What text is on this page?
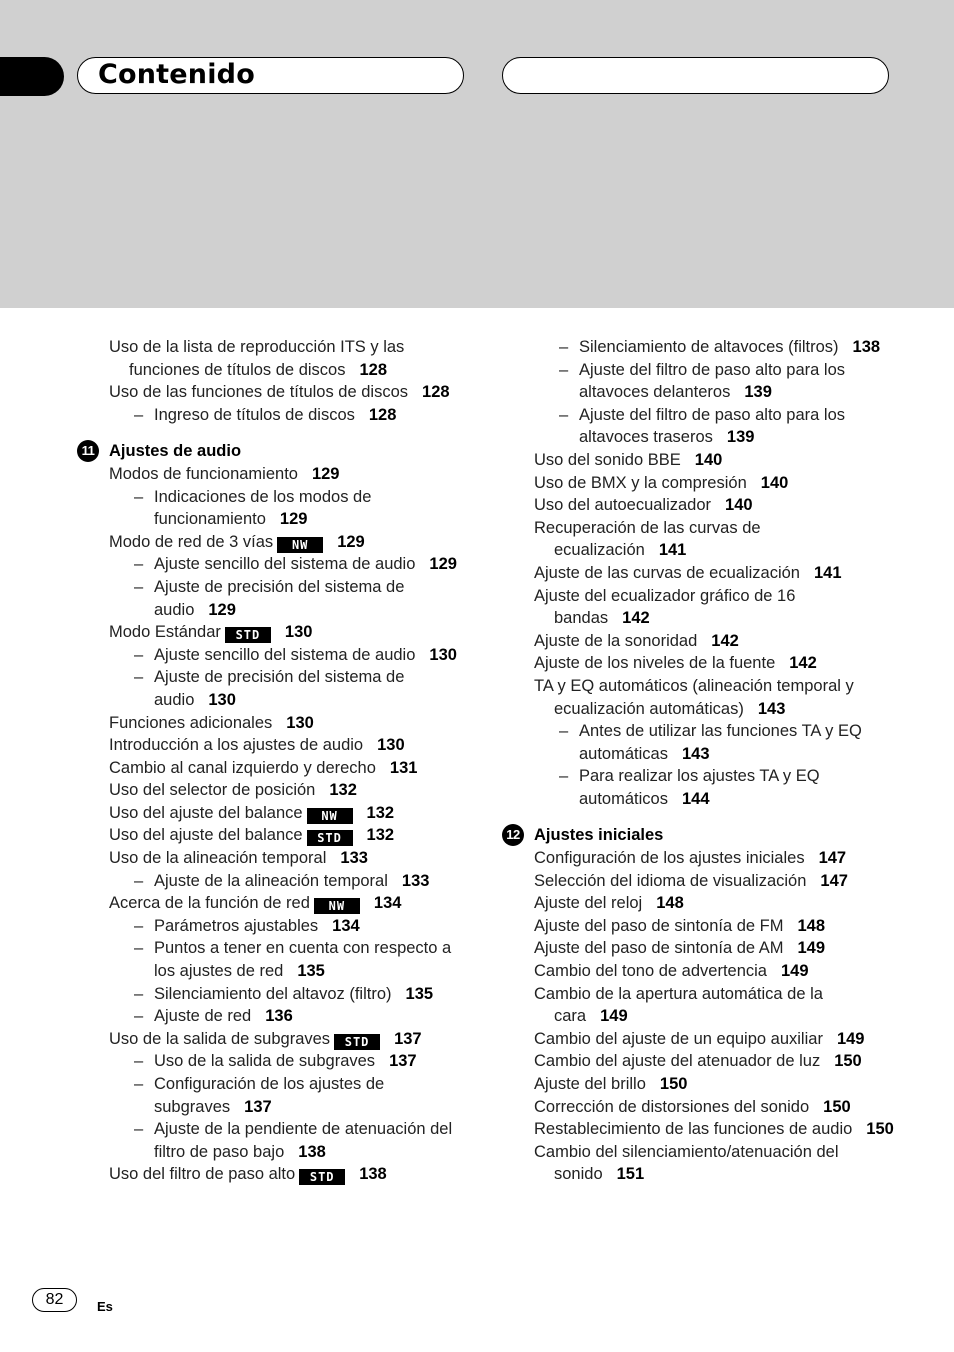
Contenido
Uso de la lista de reproducción ITS y las funciones de títulos de discos 128
Uso de las funciones de títulos de discos 128
– Ingreso de títulos de discos 128
11 Ajustes de audio
Modos de funcionamiento 129
– Indicaciones de los modos de funcionamiento 129
Modo de red de 3 vías NW 129
– Ajuste sencillo del sistema de audio 129
– Ajuste de precisión del sistema de audio 129
Modo Estándar STD 130
– Ajuste sencillo del sistema de audio 130
– Ajuste de precisión del sistema de audio 130
Funciones adicionales 130
Introducción a los ajustes de audio 130
Cambio al canal izquierdo y derecho 131
Uso del selector de posición 132
Uso del ajuste del balance NW 132
Uso del ajuste del balance STD 132
Uso de la alineación temporal 133
– Ajuste de la alineación temporal 133
Acerca de la función de red NW 134
– Parámetros ajustables 134
– Puntos a tener en cuenta con respecto a los ajustes de red 135
– Silenciamiento del altavoz (filtro) 135
– Ajuste de red 136
Uso de la salida de subgraves STD 137
– Uso de la salida de subgraves 137
– Configuración de los ajustes de subgraves 137
– Ajuste de la pendiente de atenuación del filtro de paso bajo 138
Uso del filtro de paso alto STD 138
– Silenciamiento de altavoces (filtros) 138
– Ajuste del filtro de paso alto para los altavoces delanteros 139
– Ajuste del filtro de paso alto para los altavoces traseros 139
Uso del sonido BBE 140
Uso de BMX y la compresión 140
Uso del autoecualizador 140
Recuperación de las curvas de ecualización 141
Ajuste de las curvas de ecualización 141
Ajuste del ecualizador gráfico de 16 bandas 142
Ajuste de la sonoridad 142
Ajuste de los niveles de la fuente 142
TA y EQ automáticos (alineación temporal y ecualización automáticas) 143
– Antes de utilizar las funciones TA y EQ automáticas 143
– Para realizar los ajustes TA y EQ automáticos 144
12 Ajustes iniciales
Configuración de los ajustes iniciales 147
Selección del idioma de visualización 147
Ajuste del reloj 148
Ajuste del paso de sintonía de FM 148
Ajuste del paso de sintonía de AM 149
Cambio del tono de advertencia 149
Cambio de la apertura automática de la cara 149
Cambio del ajuste de un equipo auxiliar 149
Cambio del ajuste del atenuador de luz 150
Ajuste del brillo 150
Corrección de distorsiones del sonido 150
Restablecimiento de las funciones de audio 150
Cambio del silenciamiento/atenuación del sonido 151
82	Es
